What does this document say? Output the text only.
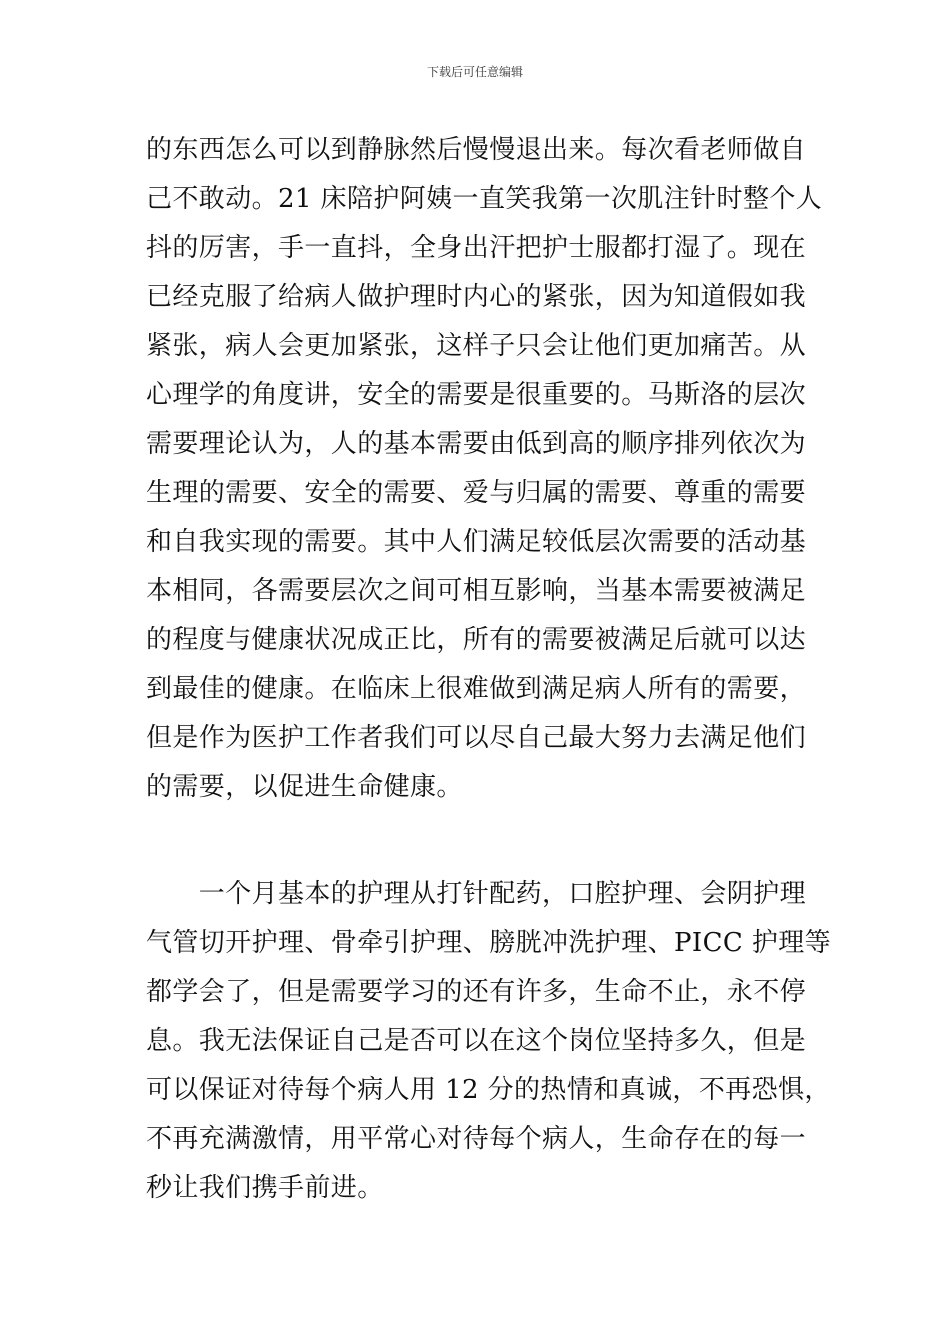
下载后可任意编辑
的东西怎么可以到静脉然后慢慢退出来。每次看老师做自
己不敢动。21 床陪护阿姨一直笑我第一次肌注针时整个人
抖的厉害，手一直抖，全身出汗把护士服都打湿了。现在
已经克服了给病人做护理时内心的紧张，因为知道假如我
紧张，病人会更加紧张，这样子只会让他们更加痛苦。从
心理学的角度讲，安全的需要是很重要的。马斯洛的层次
需要理论认为，人的基本需要由低到高的顺序排列依次为
生理的需要、安全的需要、爱与归属的需要、尊重的需要
和自我实现的需要。其中人们满足较低层次需要的活动基
本相同，各需要层次之间可相互影响，当基本需要被满足
的程度与健康状况成正比，所有的需要被满足后就可以达
到最佳的健康。在临床上很难做到满足病人所有的需要，
但是作为医护工作者我们可以尽自己最大努力去满足他们
的需要，以促进生命健康。
　　一个月基本的护理从打针配药，口腔护理、会阴护理
气管切开护理、骨牵引护理、膀胱冲洗护理、PICC 护理等
都学会了，但是需要学习的还有许多，生命不止，永不停
息。我无法保证自己是否可以在这个岗位坚持多久，但是
可以保证对待每个病人用 12 分的热情和真诚，不再恐惧，
不再充满激情，用平常心对待每个病人，生命存在的每一
秒让我们携手前进。
